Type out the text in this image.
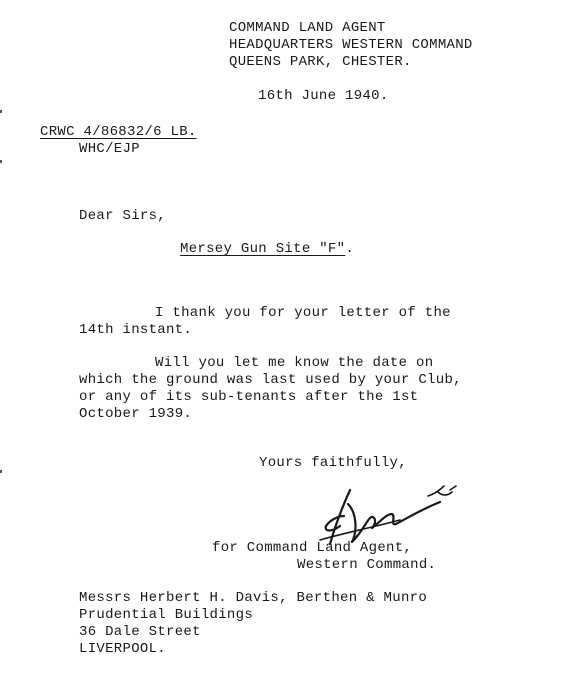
COMMAND LAND AGENT
HEADQUARTERS WESTERN COMMAND
QUEENS PARK, CHESTER.
16th June 1940.
CRWC 4/86832/6 LB.
WHC/EJP
Dear Sirs,
Mersey Gun Site "F".
I thank you for your letter of the
14th instant.
Will you let me know the date on
which the ground was last used by your Club,
or any of its sub-tenants after the 1st
October 1939.
Yours faithfully,
for Command Land Agent,
Western Command.
Messrs Herbert H. Davis, Berthen & Munro
Prudential Buildings
36 Dale Street
LIVERPOOL.
